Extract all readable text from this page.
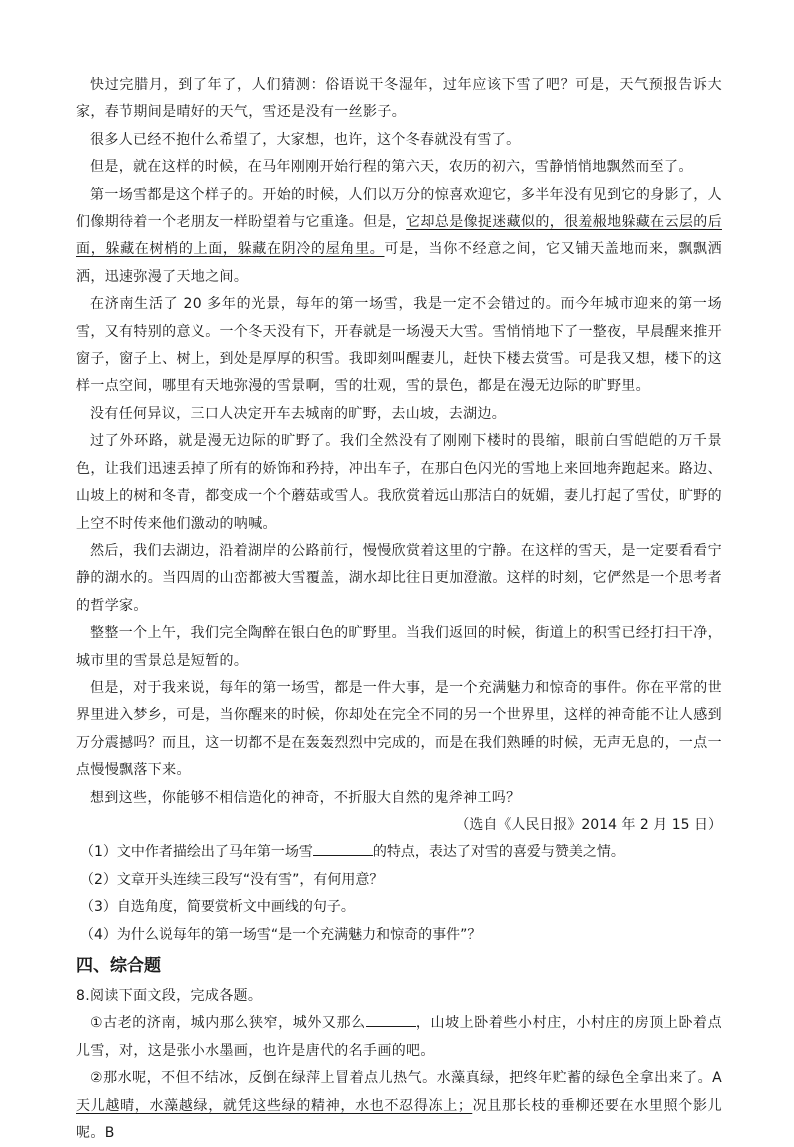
快过完腊月，到了年了，人们猜测：俗语说干冬湿年，过年应该下雪了吧？可是，天气预报告诉大家，春节期间是晴好的天气，雪还是没有一丝影子。

很多人已经不抱什么希望了，大家想，也许，这个冬春就没有雪了。

但是，就在这样的时候，在马年刚刚开始行程的第六天，农历的初六，雪静悄悄地飘然而至了。

第一场雪都是这个样子的。开始的时候，人们以万分的惊喜欢迎它，多半年没有见到它的身影了，人们像期待着一个老朋友一样盼望着与它重逢。但是，它却总是像捉迷藏似的，很羞赧地躲藏在云层的后面，躲藏在树梢的上面，躲藏在阴冷的屋角里。可是，当你不经意之间，它又铺天盖地而来，飘飘洒洒，迅速弥漫了天地之间。

在济南生活了 20 多年的光景，每年的第一场雪，我是一定不会错过的。而今年城市迎来的第一场雪，又有特别的意义。一个冬天没有下，开春就是一场漫天大雪。雪悄悄地下了一整夜，早晨醒来推开窗子，窗子上、树上，到处是厚厚的积雪。我即刻叫醒妻儿，赶快下楼去赏雪。可是我又想，楼下的这样一点空间，哪里有天地弥漫的雪景啊，雪的壮观，雪的景色，都是在漫无边际的旷野里。

没有任何异议，三口人决定开车去城南的旷野，去山坡，去湖边。

过了外环路，就是漫无边际的旷野了。我们全然没有了刚刚下楼时的畏缩，眼前白雪皑皑的万千景色，让我们迅速丢掉了所有的娇饰和矜持，冲出车子，在那白色闪光的雪地上来回地奔跑起来。路边、山坡上的树和冬青，都变成一个个蘑菇或雪人。我欣赏着远山那洁白的妩媚，妻儿打起了雪仗，旷野的上空不时传来他们激动的呐喊。

然后，我们去湖边，沿着湖岸的公路前行，慢慢欣赏着这里的宁静。在这样的雪天，是一定要看看宁静的湖水的。当四周的山峦都被大雪覆盖，湖水却比往日更加澄澈。这样的时刻，它俨然是一个思考者的哲学家。

整整一个上午，我们完全陶醉在银白色的旷野里。当我们返回的时候，街道上的积雪已经打扫干净，城市里的雪景总是短暂的。

但是，对于我来说，每年的第一场雪，都是一件大事，是一个充满魅力和惊奇的事件。你在平常的世界里进入梦乡，可是，当你醒来的时候，你却处在完全不同的另一个世界里，这样的神奇能不让人感到万分震撼吗？而且，这一切都不是在轰轰烈烈中完成的，而是在我们熟睡的时候，无声无息的，一点一点慢慢飘落下来。

想到这些，你能够不相信造化的神奇，不折服大自然的鬼斧神工吗？

（选自《人民日报》2014 年 2 月 15 日）

（1）文中作者描绘出了马年第一场雪	的特点，表达了对雪的喜爱与赞美之情。

（2）文章开头连续三段写“没有雪”，有何用意？

（3）自选角度，简要赏析文中画线的句子。

（4）为什么说每年的第一场雪“是一个充满魅力和惊奇的事件”？

四、综合题

8.阅读下面文段，完成各题。

①古老的济南，城内那么狭窄，城外又那么	，山坡上卧着些小村庄，小村庄的房顶上卧着点儿雪，对，这是张小水墨画，也许是唐代的名手画的吧。

②那水呢，不但不结冰，反倒在绿萍上冒着点儿热气。水藻真绿，把终年贮蓄的绿色全拿出来了。A 天儿越晴，水藻越绿，就凭这些绿的精神，水也不忍得冻上；况且那长枝的垂柳还要在水里照个影儿呢。B
